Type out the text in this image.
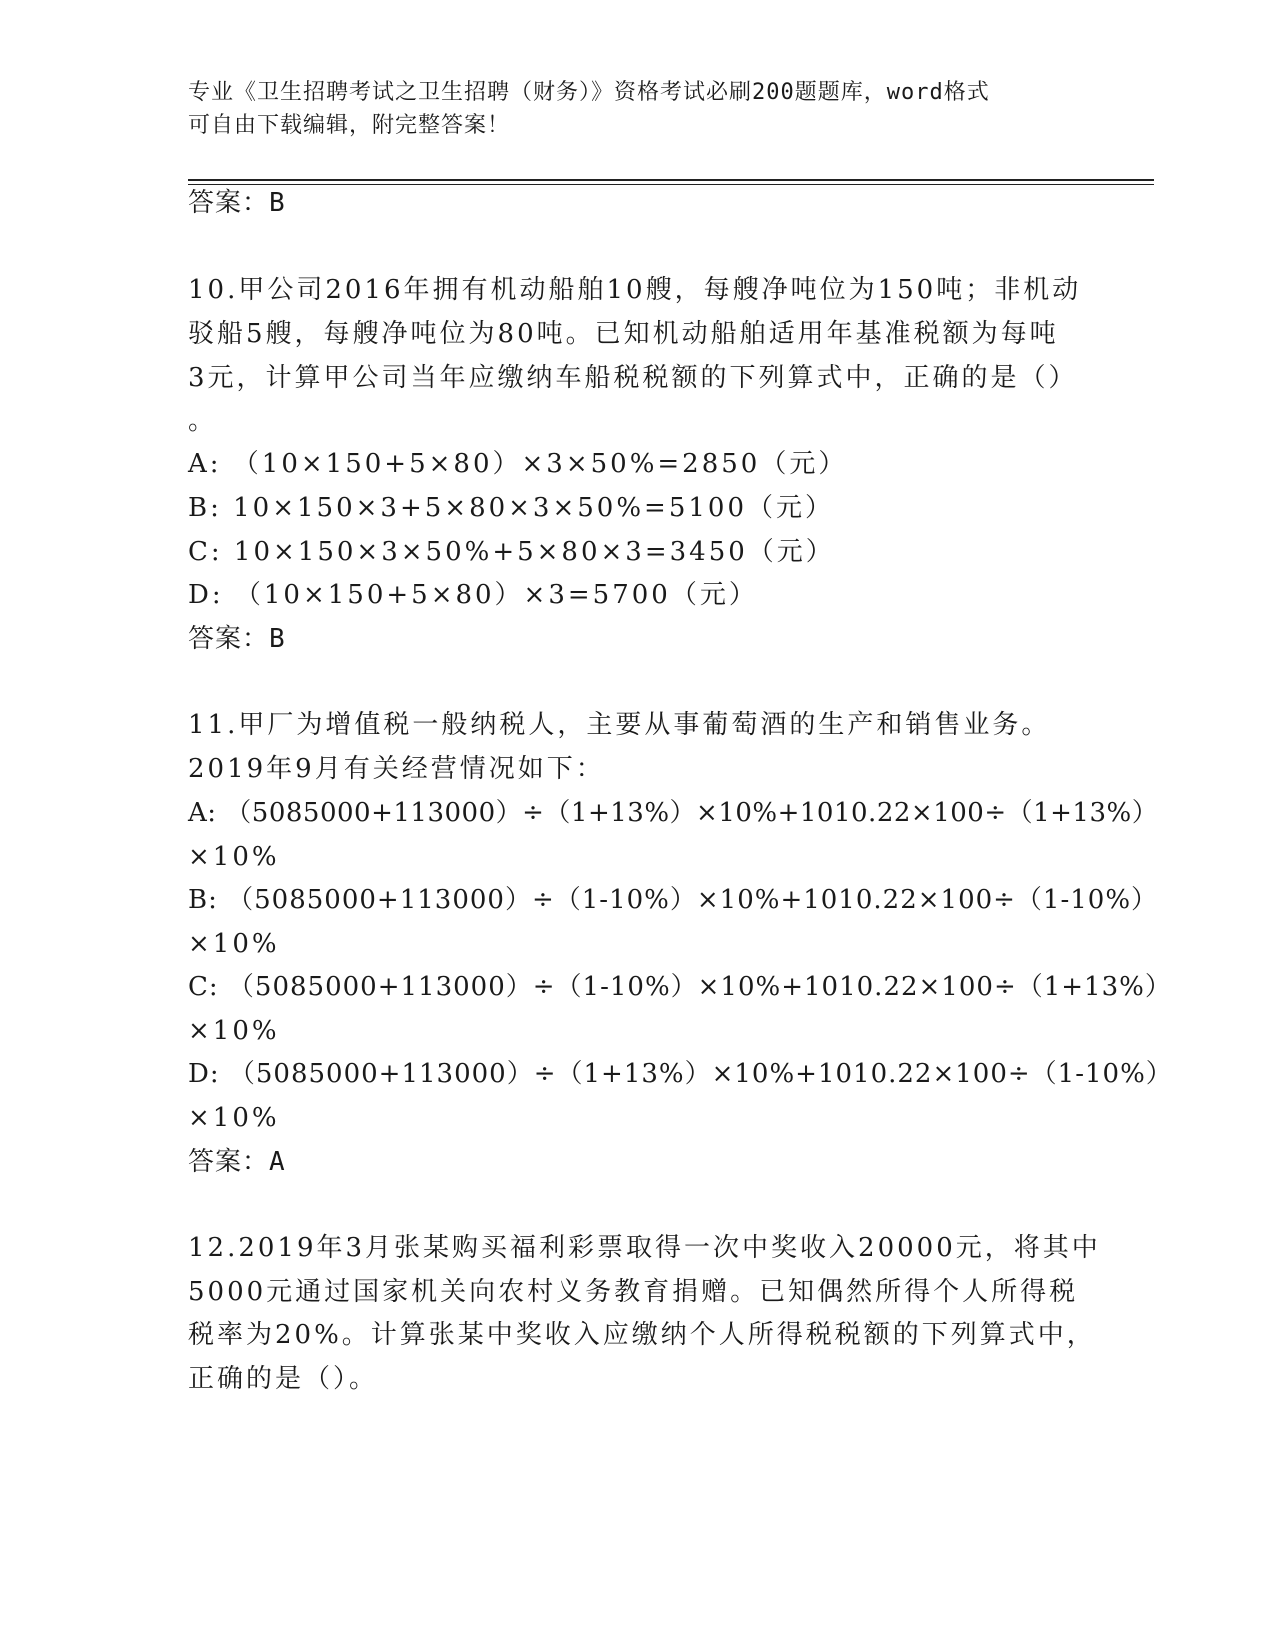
专业《卫生招聘考试之卫生招聘（财务）》资格考试必刷200题题库，word格式
可自由下载编辑，附完整答案！
答案：B
10.甲公司2016年拥有机动船舶10艘，每艘净吨位为150吨；非机动
驳船5艘，每艘净吨位为80吨。已知机动船舶适用年基准税额为每吨
3元，计算甲公司当年应缴纳车船税税额的下列算式中，正确的是（）
。
A: （10×150+5×80）×3×50%=2850（元）
B: 10×150×3+5×80×3×50%=5100（元）
C: 10×150×3×50%+5×80×3=3450（元）
D: （10×150+5×80）×3=5700（元）
答案：B
11.甲厂为增值税一般纳税人，主要从事葡萄酒的生产和销售业务。
2019年9月有关经营情况如下：
A: （5085000+113000）÷（1+13%）×10%+1010.22×100÷（1+13%）
×10%
B: （5085000+113000）÷（1-10%）×10%+1010.22×100÷（1-10%）
×10%
C: （5085000+113000）÷（1-10%）×10%+1010.22×100÷（1+13%）
×10%
D: （5085000+113000）÷（1+13%）×10%+1010.22×100÷（1-10%）
×10%
答案：A
12.2019年3月张某购买福利彩票取得一次中奖收入20000元，将其中
5000元通过国家机关向农村义务教育捐赠。已知偶然所得个人所得税
税率为20%。计算张某中奖收入应缴纳个人所得税税额的下列算式中，
正确的是（）。
